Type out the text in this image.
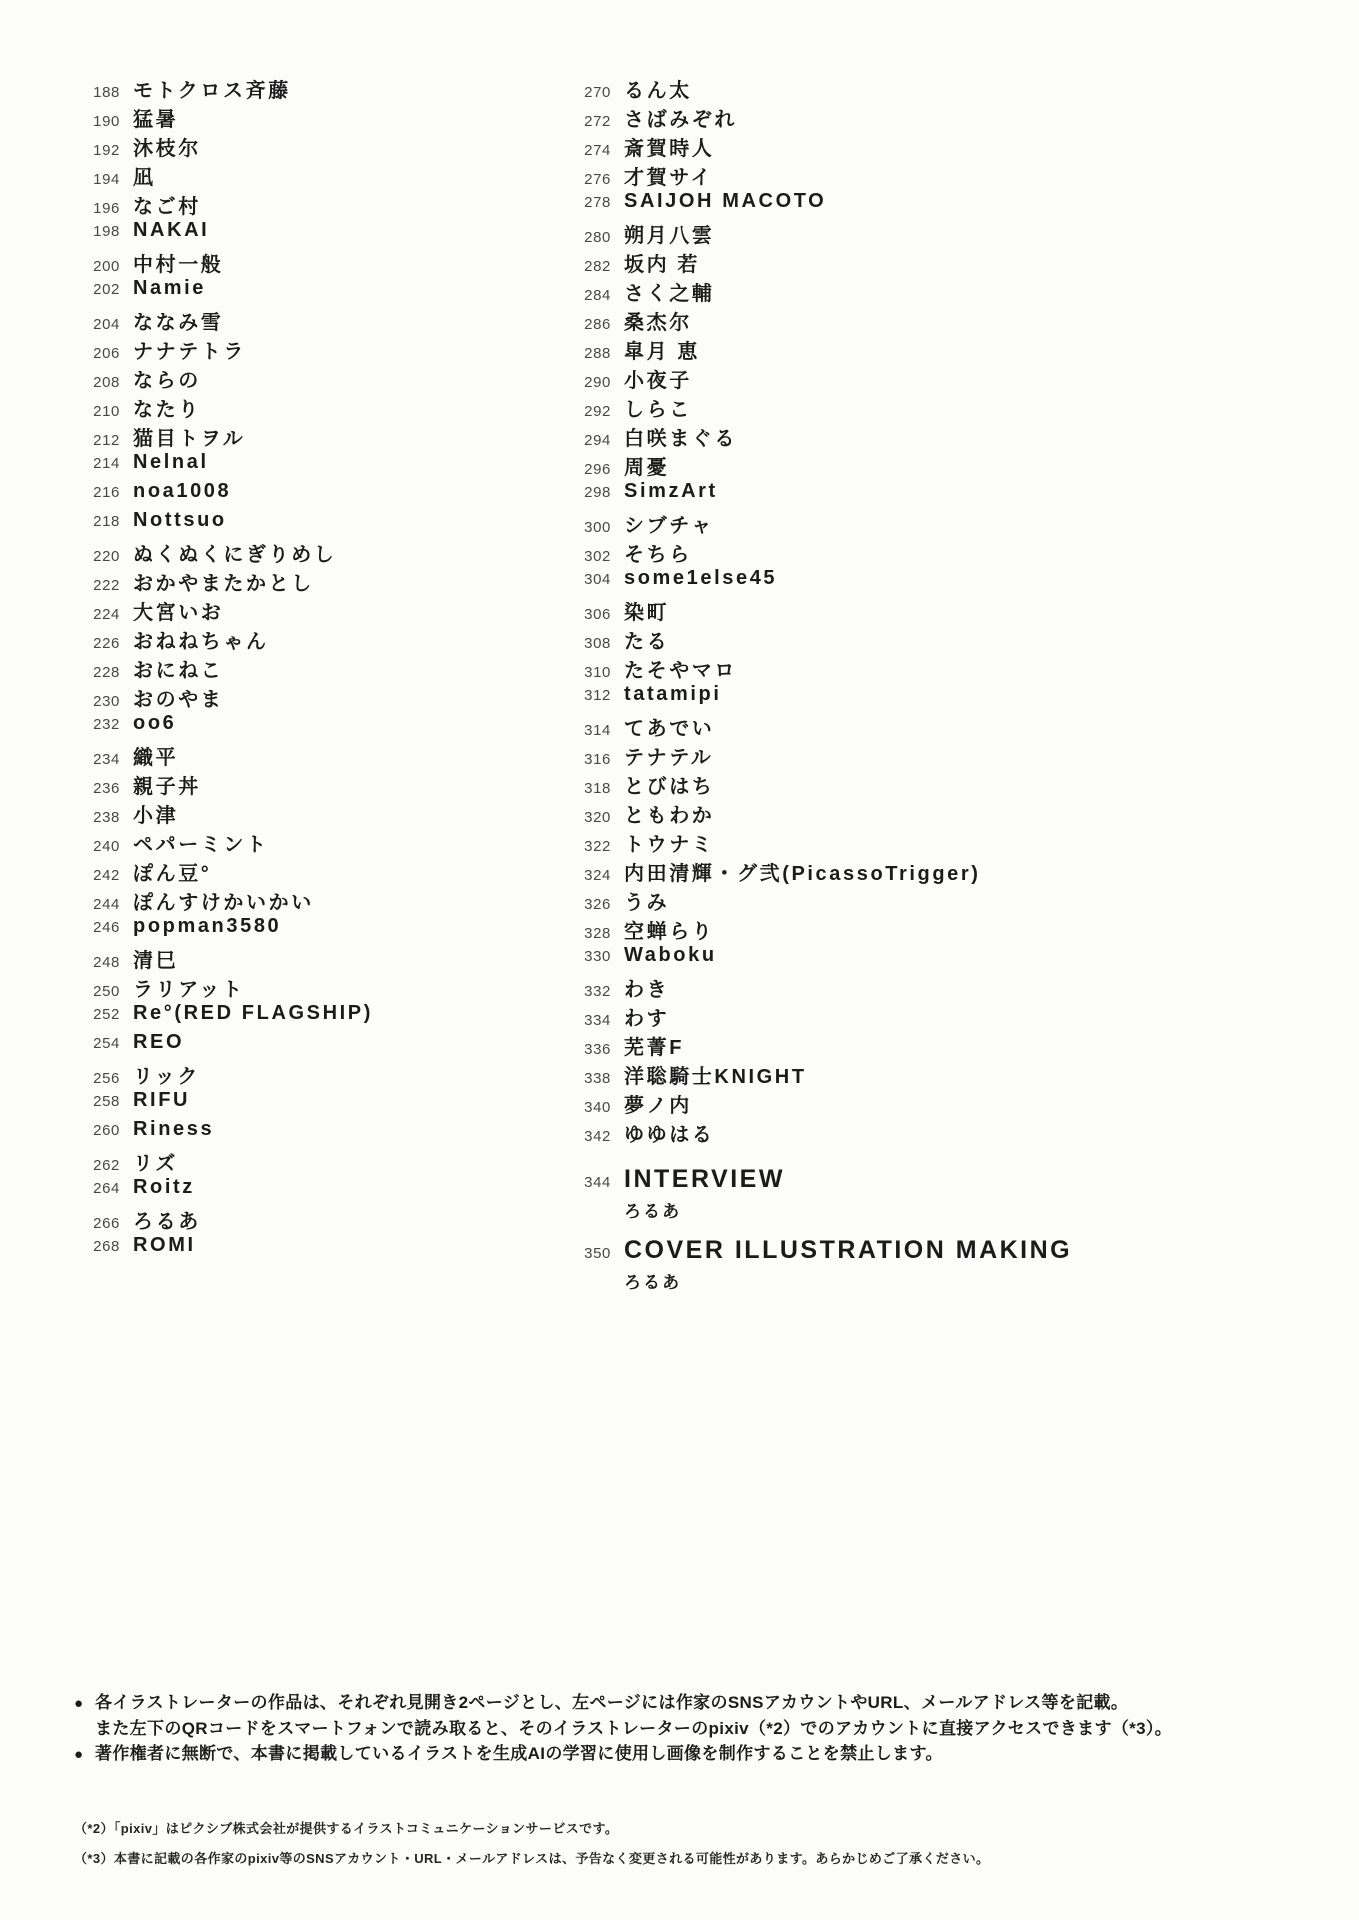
188 モトクロス斉藤
190 猛暑
192 沐枝尔
194 凪
196 なご村
198 NAKAI
200 中村一般
202 Namie
204 ななみ雪
206 ナナテトラ
208 ならの
210 なたり
212 猫目トヲル
214 Nelnal
216 noa1008
218 Nottsuo
220 ぬくぬくにぎりめし
222 おかやまたかとし
224 大宮いお
226 おねねちゃん
228 おにねこ
230 おのやま
232 oo6
234 織平
236 親子丼
238 小津
240 ペパーミント
242 ぽん豆°
244 ぽんすけかいかい
246 popman3580
248 清巳
250 ラリアット
252 Re°(RED FLAGSHIP)
254 REO
256 リック
258 RIFU
260 Riness
262 リズ
264 Roitz
266 ろるあ
268 ROMI
270 るん太
272 さばみぞれ
274 斎賀時人
276 才賀サイ
278 SAIJOH MACOTO
280 朔月八雲
282 坂内 若
284 さく之輔
286 桑杰尔
288 皐月 恵
290 小夜子
292 しらこ
294 白咲まぐる
296 周憂
298 SimzArt
300 シブチャ
302 そちら
304 some1else45
306 染町
308 たる
310 たそやマロ
312 tatamipi
314 てあでい
316 テナテル
318 とびはち
320 ともわか
322 トウナミ
324 内田清輝・グ弐(PicassoTrigger)
326 うみ
328 空蝉らり
330 Waboku
332 わき
334 わす
336 芜菁F
338 洋聡騎士KNIGHT
340 夢ノ内
342 ゆゆはる
344 INTERVIEW
ろるあ
350 COVER ILLUSTRATION MAKING
ろるあ
● 各イラストレーターの作品は、それぞれ見開き2ページとし、左ページには作家のSNSアカウントやURL、メールアドレス等を記載。
また左下のQRコードをスマートフォンで読み取ると、そのイラストレーターのpixiv（*2）でのアカウントに直接アクセスできます（*3）。
● 著作権者に無断で、本書に掲載しているイラストを生成AIの学習に使用し画像を制作することを禁止します。
（*2）「pixiv」はピクシブ株式会社が提供するイラストコミュニケーションサービスです。
（*3）本書に記載の各作家のpixiv等のSNSアカウント・URL・メールアドレスは、予告なく変更される可能性があります。あらかじめご了承ください。
